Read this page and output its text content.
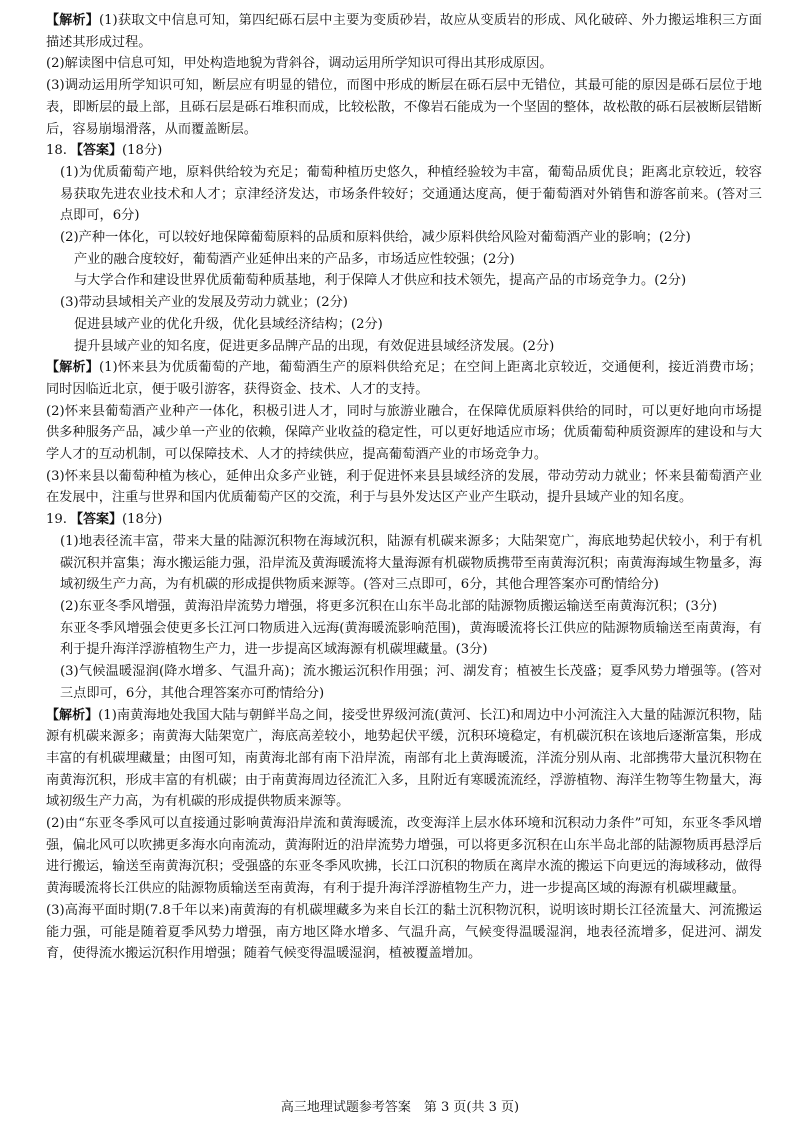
【解析】(1)获取文中信息可知，第四纪砾石层中主要为变质砂岩，故应从变质岩的形成、风化破碎、外力搬运堆积三方面描述其形成过程。

(2)解读图中信息可知，甲处构造地貌为背斜谷，调动运用所学知识可得出其形成原因。

(3)调动运用所学知识可知，断层应有明显的错位，而图中形成的断层在砾石层中无错位，其最可能的原因是砾石层位于地表，即断层的最上部，且砾石层是砾石堆积而成，比较松散，不像岩石能成为一个坚固的整体，故松散的砾石层被断层错断后，容易崩塌滑落，从而覆盖断层。

18. 【答案】(18分)

(1)为优质葡萄产地，原料供给较为充足；葡萄种植历史悠久，种植经验较为丰富，葡萄品质优良；距离北京较近，较容易获取先进农业技术和人才；京津经济发达，市场条件较好；交通通达度高，便于葡萄酒对外销售和游客前来。(答对三点即可，6分)

(2)产种一体化，可以较好地保障葡萄原料的品质和原料供给，减少原料供给风险对葡萄酒产业的影响；(2分)

产业的融合度较好，葡萄酒产业延伸出来的产品多，市场适应性较强；(2分)

与大学合作和建设世界优质葡萄种质基地，利于保障人才供应和技术领先，提高产品的市场竞争力。(2分)

(3)带动县域相关产业的发展及劳动力就业；(2分)

促进县域产业的优化升级，优化县域经济结构；(2分)

提升县域产业的知名度，促进更多品牌产品的出现，有效促进县域经济发展。(2分)

【解析】(1)怀来县为优质葡萄的产地，葡萄酒生产的原料供给充足；在空间上距离北京较近，交通便利，接近消费市场；同时因临近北京，便于吸引游客，获得资金、技术、人才的支持。

(2)怀来县葡萄酒产业种产一体化，积极引进人才，同时与旅游业融合，在保障优质原料供给的同时，可以更好地向市场提供多种服务产品，减少单一产业的依赖，保障产业收益的稳定性，可以更好地适应市场；优质葡萄种质资源库的建设和与大学人才的互动机制，可以保障技术、人才的持续供应，提高葡萄酒产业的市场竞争力。

(3)怀来县以葡萄种植为核心，延伸出众多产业链，利于促进怀来县县域经济的发展，带动劳动力就业；怀来县葡萄酒产业在发展中，注重与世界和国内优质葡萄产区的交流，利于与县外发达区产业产生联动，提升县域产业的知名度。

19. 【答案】(18分)

(1)地表径流丰富，带来大量的陆源沉积物在海域沉积，陆源有机碳来源多；大陆架宽广，海底地势起伏较小，利于有机碳沉积并富集；海水搬运能力强，沿岸流及黄海暖流将大量海源有机碳物质携带至南黄海沉积；南黄海海域生物量多，海域初级生产力高，为有机碳的形成提供物质来源等。(答对三点即可，6分，其他合理答案亦可酌情给分)

(2)东亚冬季风增强，黄海沿岸流势力增强，将更多沉积在山东半岛北部的陆源物质搬运输送至南黄海沉积；(3分)

东亚冬季风增强会使更多长江河口物质进入远海(黄海暖流影响范围)，黄海暖流将长江供应的陆源物质输送至南黄海，有利于提升海洋浮游植物生产力，进一步提高区域海源有机碳埋藏量。(3分)

(3)气候温暖湿润(降水增多、气温升高)；流水搬运沉积作用强；河、湖发育；植被生长茂盛；夏季风势力增强等。(答对三点即可，6分，其他合理答案亦可酌情给分)

【解析】(1)南黄海地处我国大陆与朝鲜半岛之间，接受世界级河流(黄河、长江)和周边中小河流注入大量的陆源沉积物，陆源有机碳来源多；南黄海大陆架宽广，海底高差较小，地势起伏平缓，沉积环境稳定，有机碳沉积在该地后逐渐富集，形成丰富的有机碳埋藏量；由图可知，南黄海北部有南下沿岸流，南部有北上黄海暖流，洋流分别从南、北部携带大量沉积物在南黄海沉积，形成丰富的有机碳；由于南黄海周边径流汇入多，且附近有寒暖流流经，浮游植物、海洋生物等生物量大，海域初级生产力高，为有机碳的形成提供物质来源等。

(2)由“东亚冬季风可以直接通过影响黄海沿岸流和黄海暖流，改变海洋上层水体环境和沉积动力条件”可知，东亚冬季风增强，偏北风可以吹拂更多海水向南流动，黄海附近的沿岸流势力增强，可以将更多沉积在山东半岛北部的陆源物质再悬浮后进行搬运，输送至南黄海沉积；受强盛的东亚冬季风吹拂，长江口沉积的物质在离岸水流的搬运下向更远的海域移动，做得黄海暖流将长江供应的陆源物质输送至南黄海，有利于提升海洋浮游植物生产力，进一步提高区域的海源有机碳埋藏量。

(3)高海平面时期(7.8千年以来)南黄海的有机碳埋藏多为来自长江的黏土沉积物沉积，说明该时期长江径流量大、河流搬运能力强，可能是随着夏季风势力增强，南方地区降水增多、气温升高，气候变得温暖湿润，地表径流增多，促进河、湖发育，使得流水搬运沉积作用增强；随着气候变得温暖湿润，植被覆盖增加。

高三地理试题参考答案　第 3 页(共 3 页)
